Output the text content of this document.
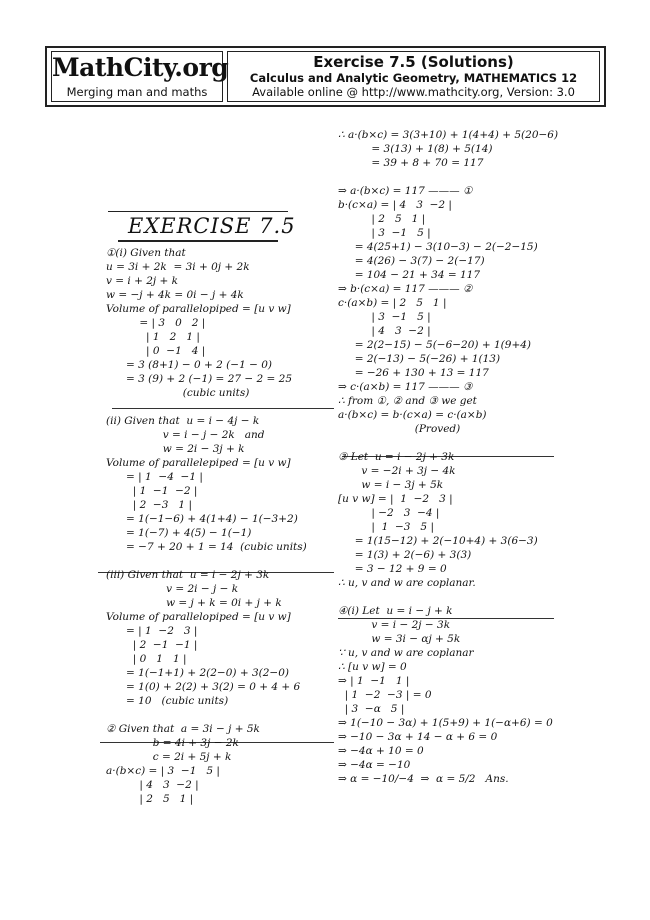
MathCity.org
Merging man and maths
Exercise 7.5 (Solutions)
Calculus and Analytic Geometry, MATHEMATICS 12
Available online @ http://www.mathcity.org, Version: 3.0
EXERCISE 7.5
①(i) Given that
u = 3i + 2k  = 3i + 0j + 2k
v = i + 2j + k
w = −j + 4k = 0i − j + 4k
Volume of parallelopiped = [u v w]
= | 3   0   2 |
| 1   2   1 |
| 0  −1   4 |
= 3 (8+1) − 0 + 2 (−1 − 0)
= 3 (9) + 2 (−1) = 27 − 2 = 25
(cubic units)
(ii) Given that  u = i − 4j − k
v = i − j − 2k   and
w = 2i − 3j + k
Volume of parallelepiped = [u v w]
= | 1  −4  −1 |
| 1  −1  −2 |
| 2  −3   1 |
= 1(−1−6) + 4(1+4) − 1(−3+2)
= 1(−7) + 4(5) − 1(−1)
= −7 + 20 + 1 = 14  (cubic units)
(iii) Given that  u = i − 2j + 3k
v = 2i − j − k
w = j + k = 0i + j + k
Volume of parallelopiped = [u v w]
= | 1  −2   3 |
| 2  −1  −1 |
| 0   1   1 |
= 1(−1+1) + 2(2−0) + 3(2−0)
= 1(0) + 2(2) + 3(2) = 0 + 4 + 6
= 10   (cubic units)
② Given that  a = 3i − j + 5k
b = 4i + 3j − 2k
c = 2i + 5j + k
a·(b×c) = | 3  −1   5 |
| 4   3  −2 |
| 2   5   1 |
∴ a·(b×c) = 3(3+10) + 1(4+4) + 5(20−6)
= 3(13) + 1(8) + 5(14)
= 39 + 8 + 70 = 117
⇒ a·(b×c) = 117 ——— ①
b·(c×a) = | 4   3  −2 |
| 2   5   1 |
| 3  −1   5 |
= 4(25+1) − 3(10−3) − 2(−2−15)
= 4(26) − 3(7) − 2(−17)
= 104 − 21 + 34 = 117
⇒ b·(c×a) = 117 ——— ②
c·(a×b) = | 2   5   1 |
| 3  −1   5 |
| 4   3  −2 |
= 2(2−15) − 5(−6−20) + 1(9+4)
= 2(−13) − 5(−26) + 1(13)
= −26 + 130 + 13 = 117
⇒ c·(a×b) = 117 ——— ③
∴ from ①, ② and ③ we get
a·(b×c) = b·(c×a) = c·(a×b)
(Proved)
③ Let  u = i − 2j + 3k
v = −2i + 3j − 4k
w = i − 3j + 5k
[u v w] = |  1  −2   3 |
| −2   3  −4 |
|  1  −3   5 |
= 1(15−12) + 2(−10+4) + 3(6−3)
= 1(3) + 2(−6) + 3(3)
= 3 − 12 + 9 = 0
∴ u, v and w are coplanar.
④(i) Let  u = i − j + k
v = i − 2j − 3k
w = 3i − αj + 5k
∵ u, v and w are coplanar
∴ [u v w] = 0
⇒ | 1  −1   1 |
| 1  −2  −3 | = 0
| 3  −α   5 |
⇒ 1(−10 − 3α) + 1(5+9) + 1(−α+6) = 0
⇒ −10 − 3α + 14 − α + 6 = 0
⇒ −4α + 10 = 0
⇒ −4α = −10
⇒ α = −10/−4  ⇒  α = 5/2   Ans.
